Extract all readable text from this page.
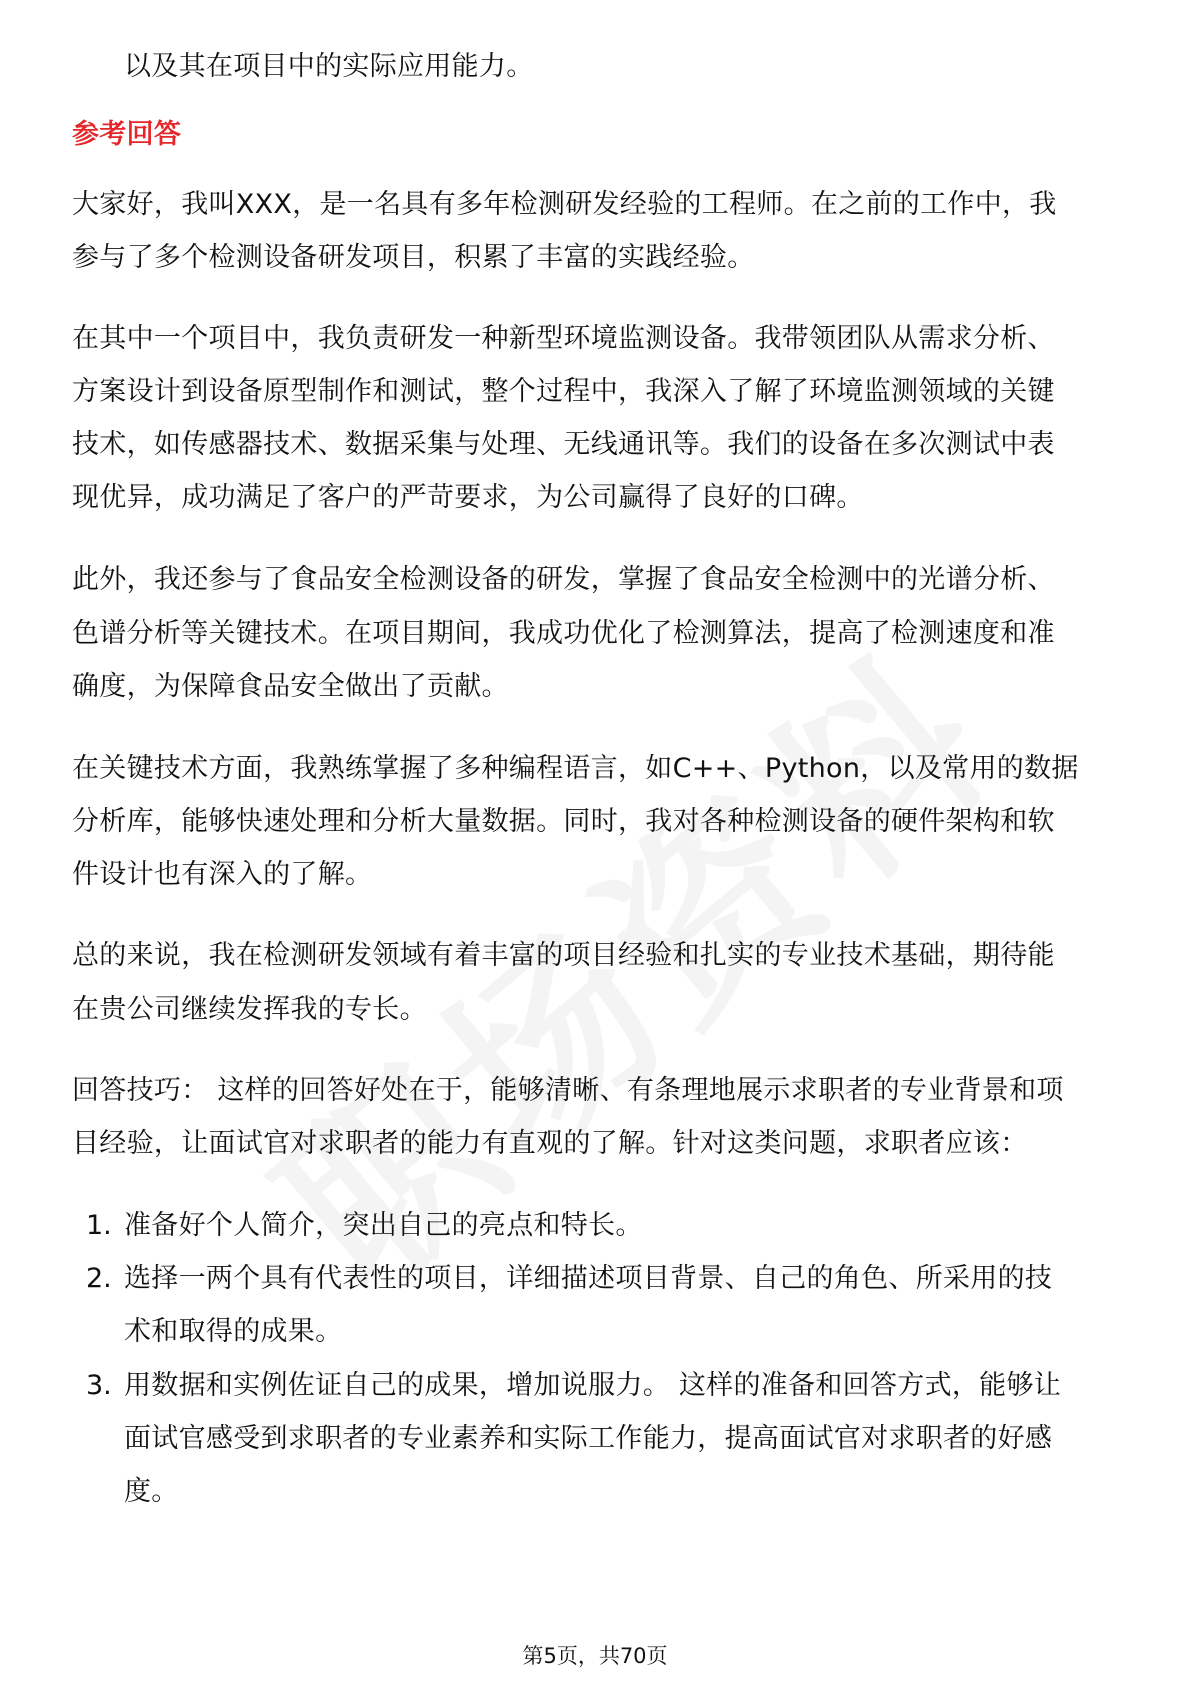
以及其在项目中的实际应用能力。

参考回答

大家好，我叫XXX，是一名具有多年检测研发经验的工程师。在之前的工作中，我

参与了多个检测设备研发项目，积累了丰富的实践经验。

在其中一个项目中，我负责研发一种新型环境监测设备。我带领团队从需求分析、

方案设计到设备原型制作和测试，整个过程中，我深入了解了环境监测领域的关键

技术，如传感器技术、数据采集与处理、无线通讯等。我们的设备在多次测试中表

现优异，成功满足了客户的严苛要求，为公司赢得了良好的口碑。

此外，我还参与了食品安全检测设备的研发，掌握了食品安全检测中的光谱分析、

色谱分析等关键技术。在项目期间，我成功优化了检测算法，提高了检测速度和准

确度，为保障食品安全做出了贡献。

在关键技术方面，我熟练掌握了多种编程语言，如C++、Python，以及常用的数据

分析库，能够快速处理和分析大量数据。同时，我对各种检测设备的硬件架构和软

件设计也有深入的了解。

总的来说，我在检测研发领域有着丰富的项目经验和扎实的专业技术基础，期待能

在贵公司继续发挥我的专长。

回答技巧： 这样的回答好处在于，能够清晰、有条理地展示求职者的专业背景和项

目经验，让面试官对求职者的能力有直观的了解。针对这类问题，求职者应该：

1. 准备好个人简介，突出自己的亮点和特长。

2. 选择一两个具有代表性的项目，详细描述项目背景、自己的角色、所采用的技

术和取得的成果。

3. 用数据和实例佐证自己的成果，增加说服力。 这样的准备和回答方式，能够让

面试官感受到求职者的专业素养和实际工作能力，提高面试官对求职者的好感

度。

第5页，共70页
